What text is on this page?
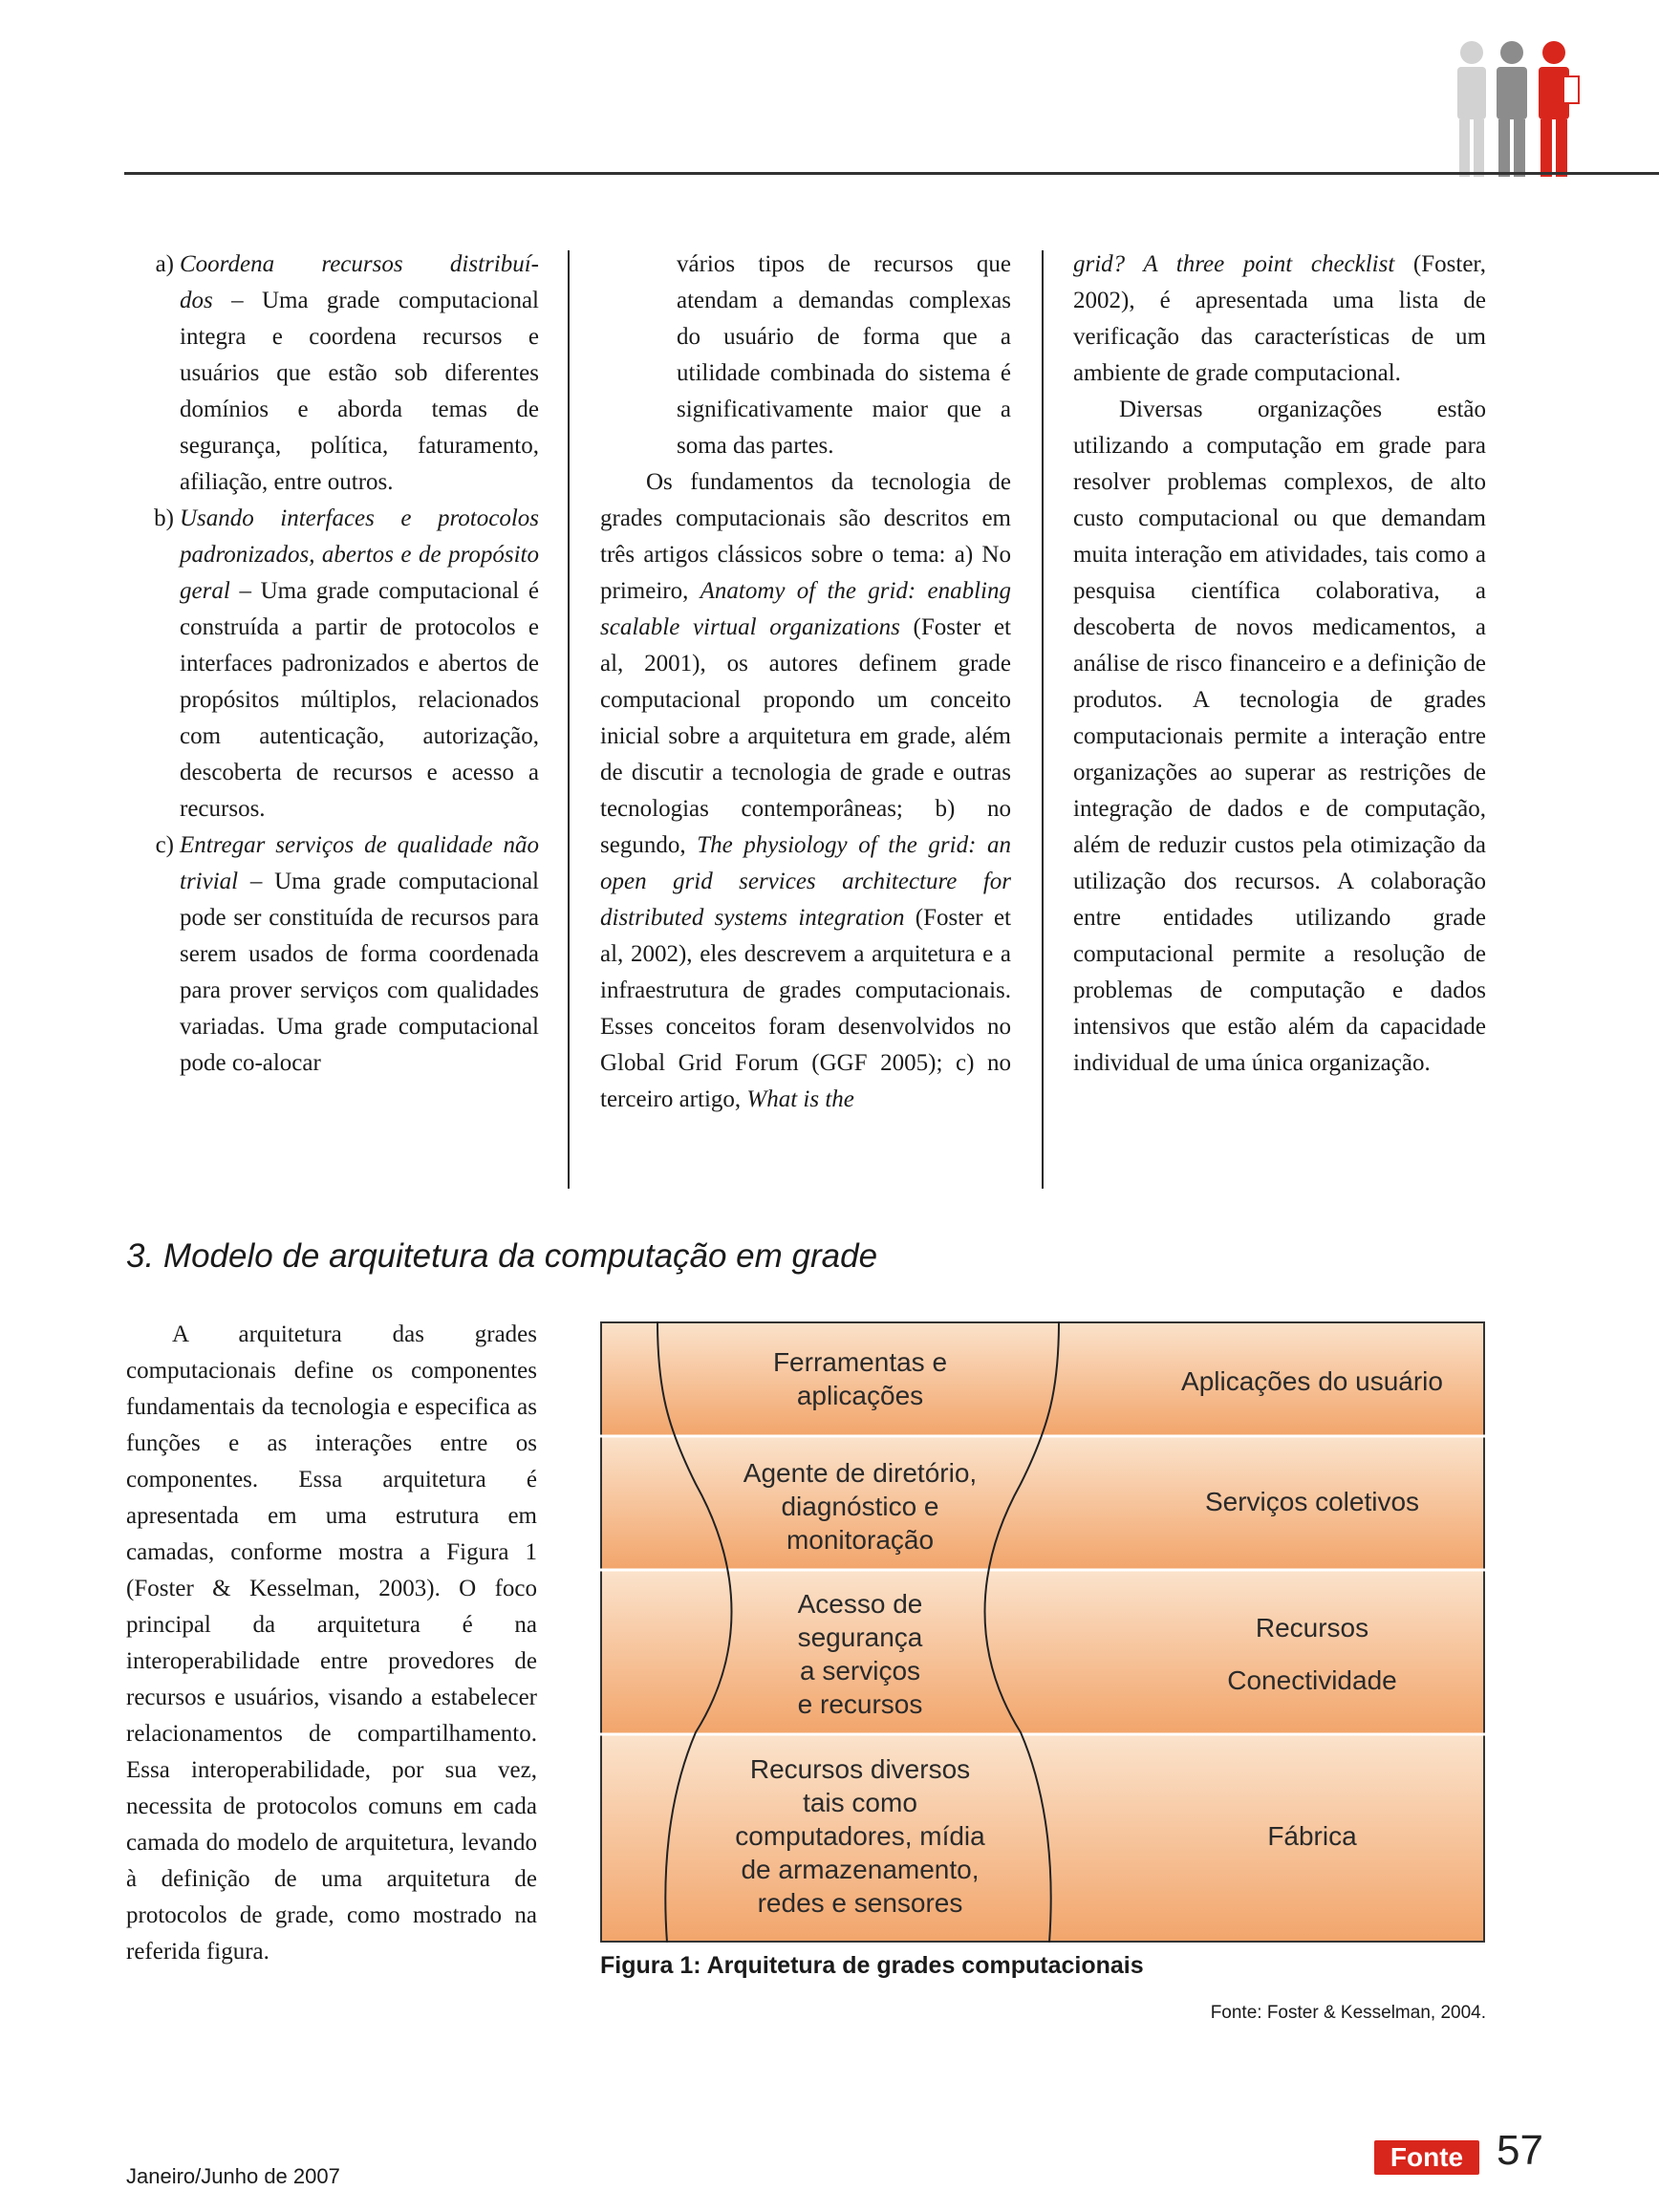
a) Coordena recursos distribuí-dos – Uma grade computacional integra e coordena recursos e usuários que estão sob diferentes domínios e aborda temas de segurança, política, faturamento, afiliação, entre outros.
b) Usando interfaces e protocolos padronizados, abertos e de propósito geral – Uma grade computacional é construída a partir de protocolos e interfaces padronizados e abertos de propósitos múltiplos, relacionados com autenticação, autorização, descoberta de recursos e acesso a recursos.
c) Entregar serviços de qualidade não trivial – Uma grade computacional pode ser constituída de recursos para serem usados de forma coordenada para prover serviços com qualidades variadas. Uma grade computacional pode co-alocar

vários tipos de recursos que atendam a demandas complexas do usuário de forma que a utilidade combinada do sistema é significativamente maior que a soma das partes.

Os fundamentos da tecnologia de grades computacionais são descritos em três artigos clássicos sobre o tema: a) No primeiro, Anatomy of the grid: enabling scalable virtual organizations (Foster et al, 2001), os autores definem grade computacional propondo um conceito inicial sobre a arquitetura em grade, além de discutir a tecnologia de grade e outras tecnologias contemporâneas; b) no segundo, The physiology of the grid: an open grid services architecture for distributed systems integration (Foster et al, 2002), eles descrevem a arquitetura e a infraestrutura de grades computacionais. Esses conceitos foram desenvolvidos no Global Grid Forum (GGF 2005); c) no terceiro artigo, What is the

grid? A three point checklist (Foster, 2002), é apresentada uma lista de verificação das características de um ambiente de grade computacional.

Diversas organizações estão utilizando a computação em grade para resolver problemas complexos, de alto custo computacional ou que demandam muita interação em atividades, tais como a pesquisa científica colaborativa, a descoberta de novos medicamentos, a análise de risco financeiro e a definição de produtos. A tecnologia de grades computacionais permite a interação entre organizações ao superar as restrições de integração de dados e de computação, além de reduzir custos pela otimização da utilização dos recursos. A colaboração entre entidades utilizando grade computacional permite a resolução de problemas de computação e dados intensivos que estão além da capacidade individual de uma única organização.

3. Modelo de arquitetura da computação em grade

A arquitetura das grades computacionais define os componentes fundamentais da tecnologia e especifica as funções e as interações entre os componentes. Essa arquitetura é apresentada em uma estrutura em camadas, conforme mostra a Figura 1 (Foster & Kesselman, 2003). O foco principal da arquitetura é na interoperabilidade entre provedores de recursos e usuários, visando a estabelecer relacionamentos de compartilhamento. Essa interoperabilidade, por sua vez, necessita de protocolos comuns em cada camada do modelo de arquitetura, levando à definição de uma arquitetura de protocolos de grade, como mostrado na referida figura.

Ferramentas e
aplicações
Agente de diretório,
diagnóstico e
monitoração
Acesso de
segurança
a serviços
e recursos
Recursos diversos
tais como
computadores, mídia
de armazenamento,
redes e sensores
Aplicações do usuário
Serviços coletivos
Recursos
Conectividade
Fábrica
Figura 1: Arquitetura de grades computacionais
Fonte: Foster & Kesselman, 2004.
Janeiro/Junho de 2007
Fonte 57
